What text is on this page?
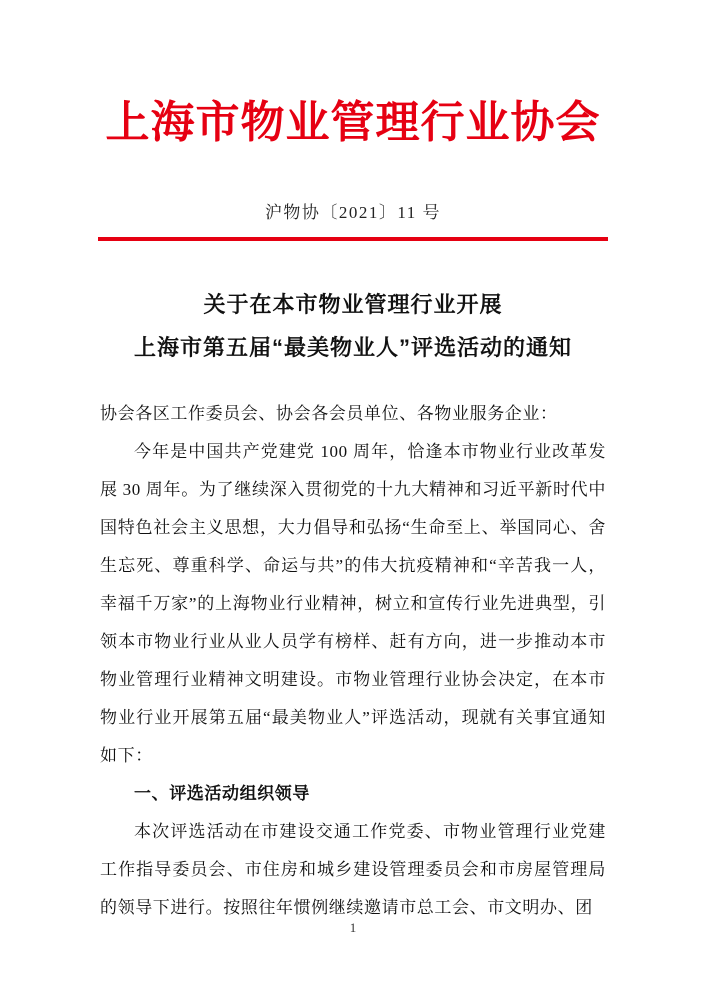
上海市物业管理行业协会
沪物协〔2021〕11 号
关于在本市物业管理行业开展
上海市第五届“最美物业人”评选活动的通知

协会各区工作委员会、协会各会员单位、各物业服务企业：

今年是中国共产党建党 100 周年，恰逢本市物业行业改革发展 30 周年。为了继续深入贯彻党的十九大精神和习近平新时代中国特色社会主义思想，大力倡导和弘扬“生命至上、举国同心、舍生忘死、尊重科学、命运与共”的伟大抗疫精神和“辛苦我一人，幸福千万家”的上海物业行业精神，树立和宣传行业先进典型，引领本市物业行业从业人员学有榜样、赶有方向，进一步推动本市物业管理行业精神文明建设。市物业管理行业协会决定，在本市物业行业开展第五届“最美物业人”评选活动，现就有关事宜通知如下：

一、评选活动组织领导

本次评选活动在市建设交通工作党委、市物业管理行业党建工作指导委员会、市住房和城乡建设管理委员会和市房屋管理局的领导下进行。按照往年惯例继续邀请市总工会、市文明办、团

1
